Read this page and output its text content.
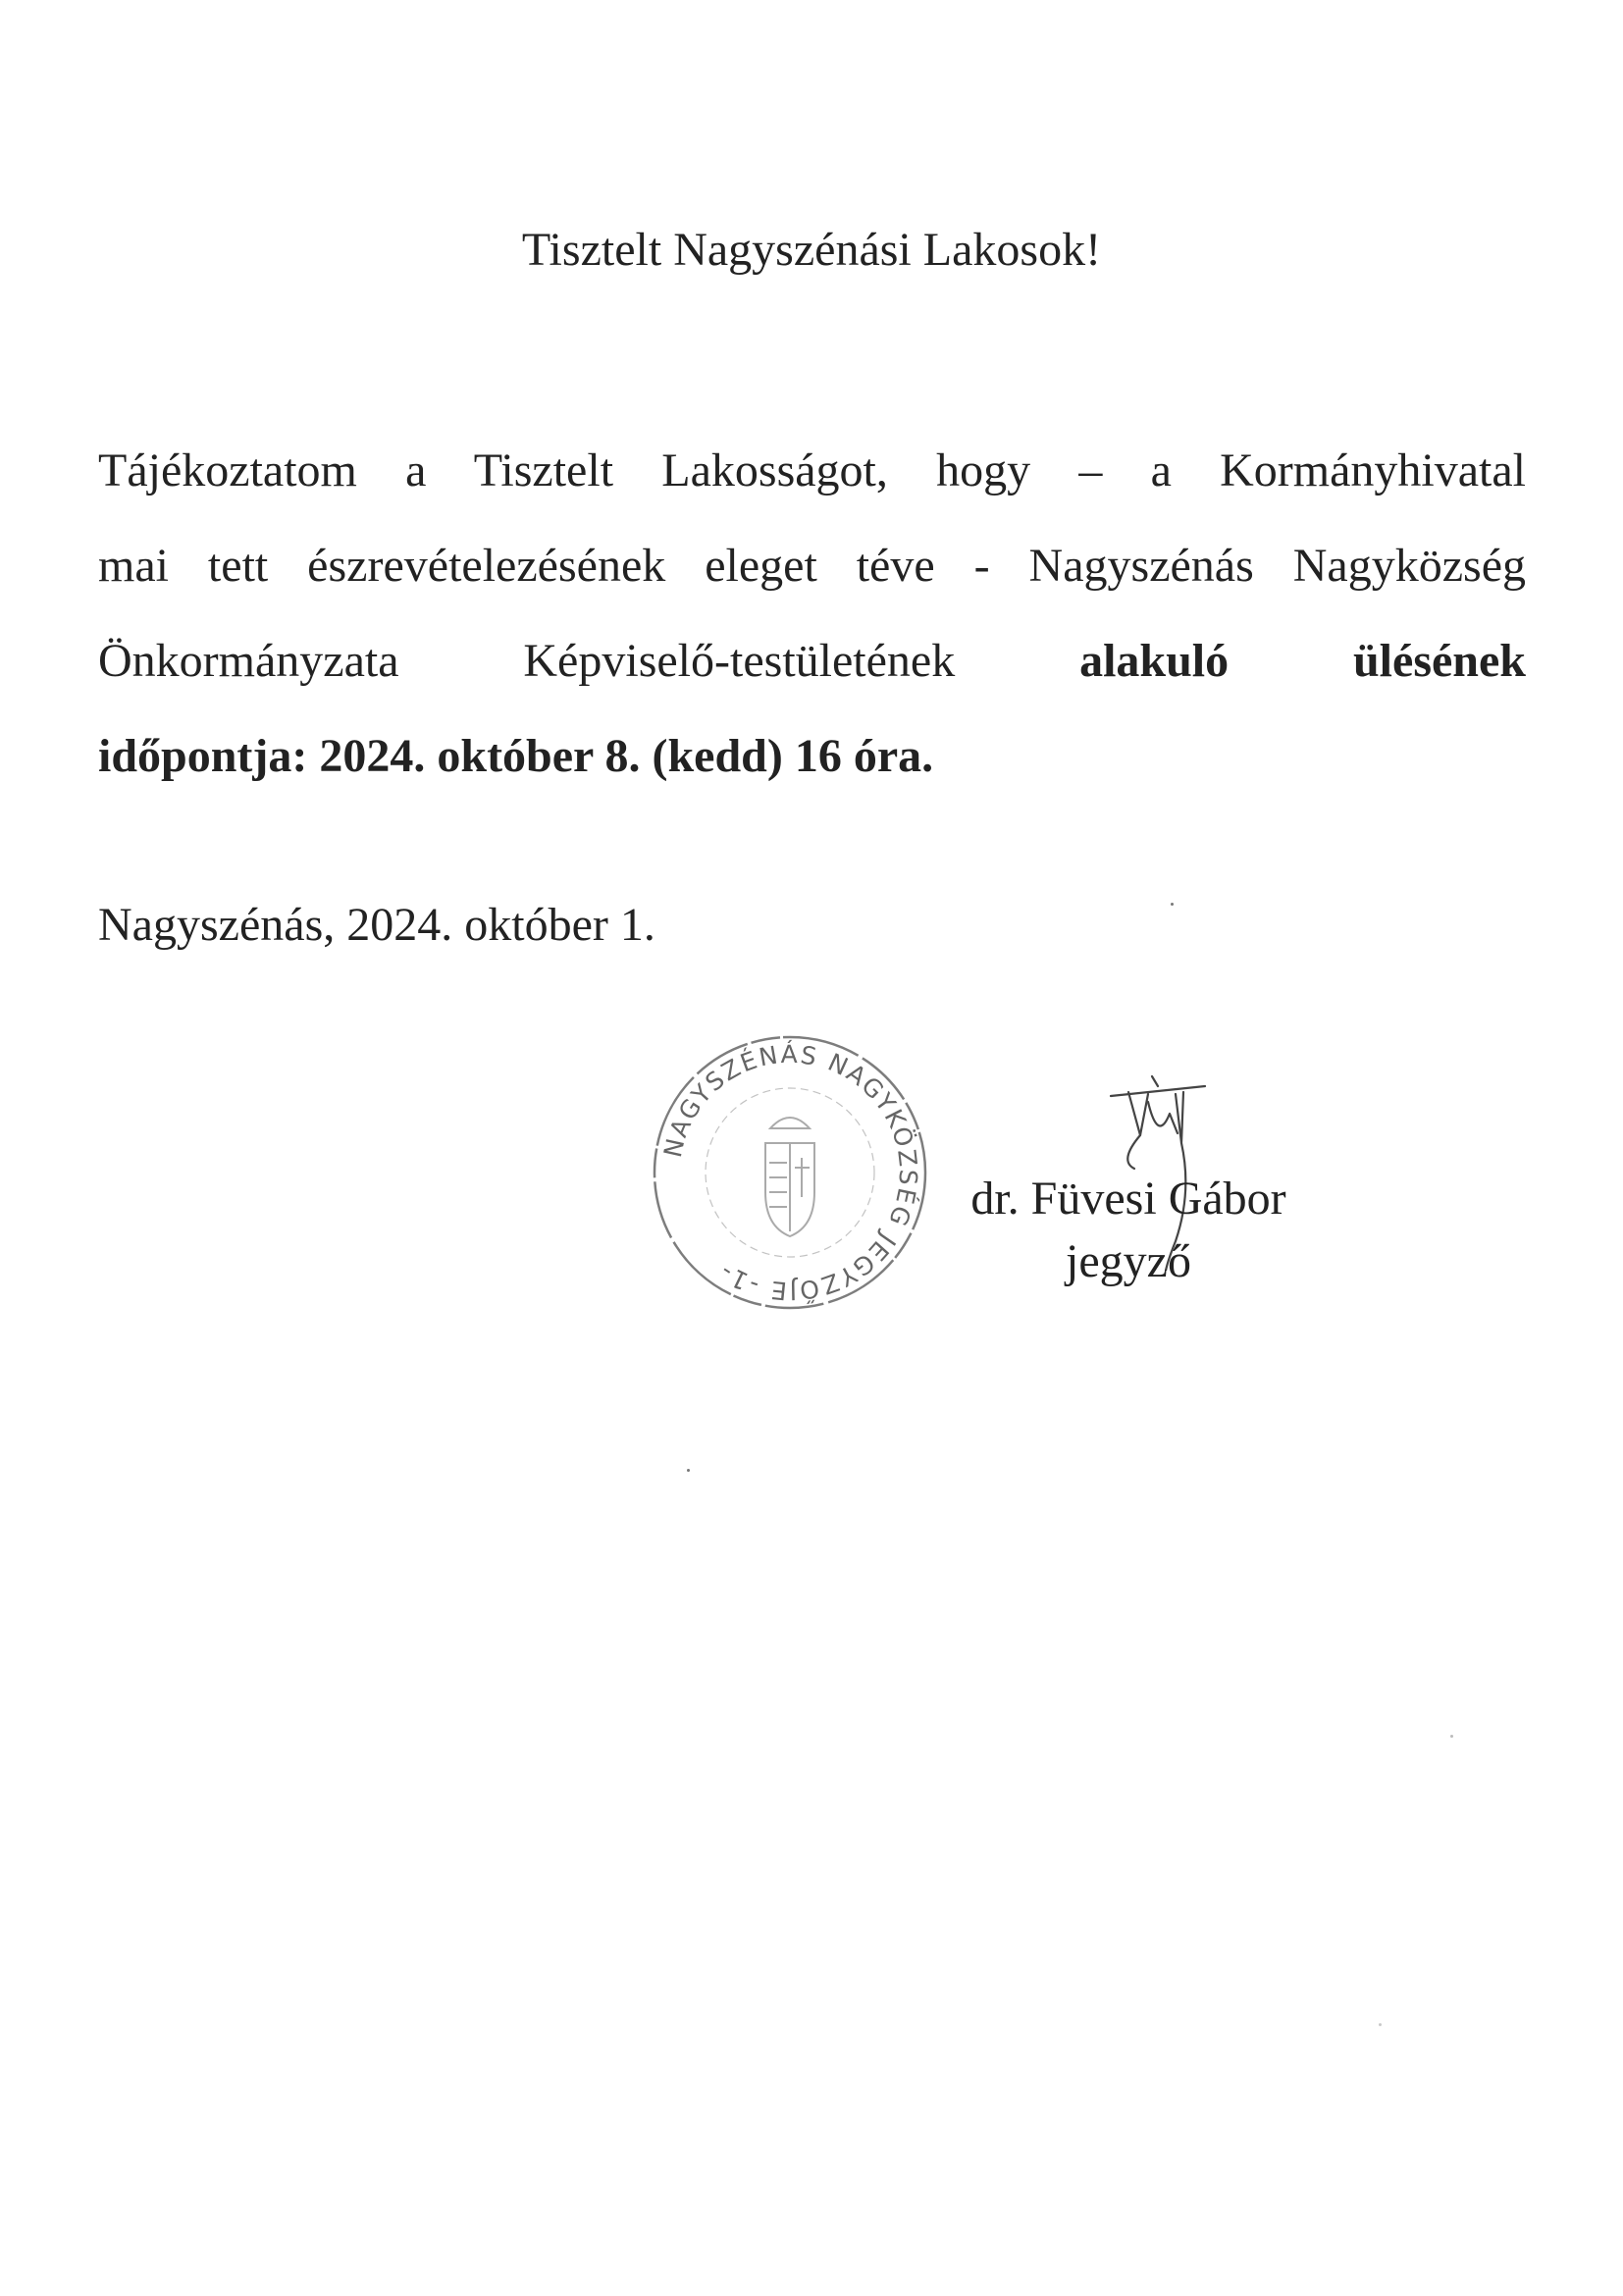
Tisztelt Nagyszénási Lakosok!
Tájékoztatom a Tisztelt Lakosságot, hogy – a Kormányhivatal
mai tett észrevételezésének eleget téve - Nagyszénás Nagyközség
Önkormányzata Képviselő-testületének	alakuló	ülésének
időpontja: 2024. október 8. (kedd) 16 óra.
Nagyszénás, 2024. október 1.
NAGYSZÉNÁS NAGYKÖZSÉG JEGYZŐJE -1-
dr. Füvesi Gábor
jegyző
